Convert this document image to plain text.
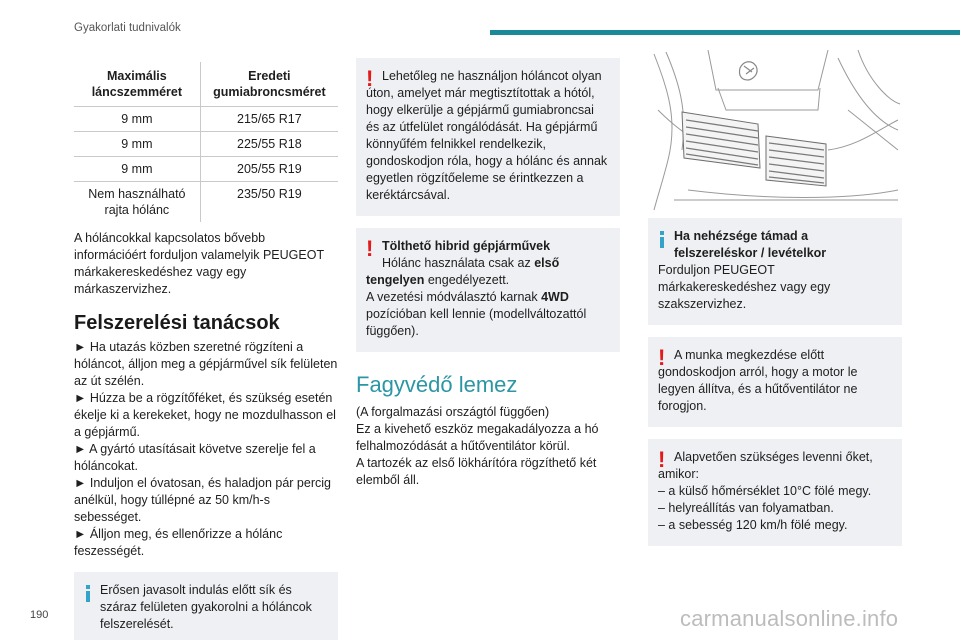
Gyakorlati tudnivalók
Maximális láncszemméret	Eredeti gumiabroncsméret
9 mm	215/65 R17
9 mm	225/55 R18
9 mm	205/55 R19
Nem használható rajta hólánc	235/50 R19

A hóláncokkal kapcsolatos bővebb információért forduljon valamelyik PEUGEOT márkakereskedéshez vagy egy márkaszervizhez.

Felszerelési tanácsok

► Ha utazás közben szeretné rögzíteni a hóláncot, álljon meg a gépjárművel sík felületen az út szélén.

► Húzza be a rögzítőféket, és szükség esetén ékelje ki a kerekeket, hogy ne mozdulhasson el a gépjármű.

► A gyártó utasításait követve szerelje fel a hóláncokat.

► Induljon el óvatosan, és haladjon pár percig anélkül, hogy túllépné az 50 km/h-s sebességet.

► Álljon meg, és ellenőrizze a hólánc feszességét.

Erősen javasolt indulás előtt sík és száraz felületen gyakorolni a hóláncok felszerelését.
! Lehetőleg ne használjon hóláncot olyan úton, amelyet már megtisztítottak a hótól, hogy elkerülje a gépjármű gumiabroncsai és az útfelület rongálódását. Ha gépjármű könnyűfém felnikkel rendelkezik, gondoskodjon róla, hogy a hólánc és annak egyetlen rögzítőeleme se érintkezzen a keréktárcsával.
! Tölthető hibrid gépjárművek
Hólánc használata csak az első
tengelyen engedélyezett.
A vezetési módválasztó karnak 4WD
pozícióban kell lennie (modellváltozattól függően).
Fagyvédő lemez

(A forgalmazási országtól függően)

Ez a kivehető eszköz megakadályozza a hó felhalmozódását a hűtőventilátor körül.

A tartozék az első lökhárítóra rögzíthető két elemből áll.

Ha nehézsége támad a felszereléskor / levételkor
Forduljon PEUGEOT márkakereskedéshez vagy egy szakszervizhez.
! A munka megkezdése előtt gondoskodjon arról, hogy a motor le legyen állítva, és a hűtőventilátor ne forogjon.
! Alapvetően szükséges levenni őket, amikor:
– a külső hőmérséklet 10°C fölé megy.
– helyreállítás van folyamatban.
– a sebesség 120 km/h fölé megy.
190	carmanualsonline.info
